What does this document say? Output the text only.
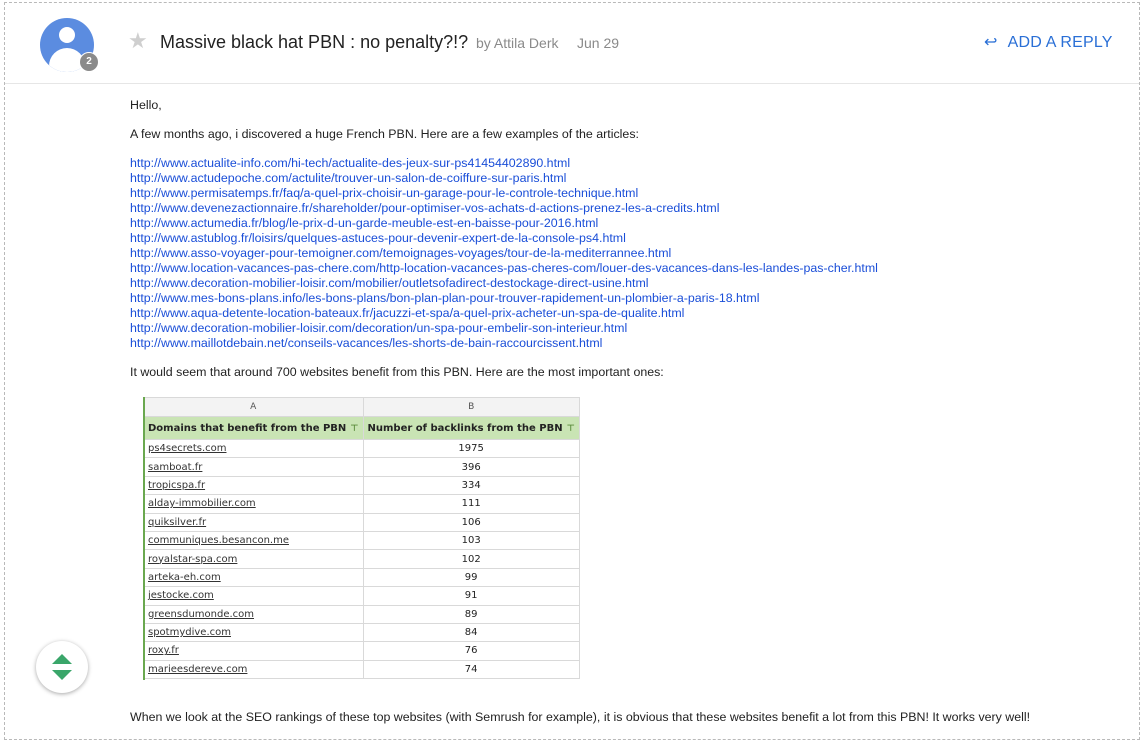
2
★ Massive black hat PBN : no penalty?!? by Attila Derk Jun 29	↩ ADD A REPLY

Hello,

A few months ago, i discovered a huge French PBN. Here are a few examples of the articles:

http://www.actualite-info.com/hi-tech/actualite-des-jeux-sur-ps41454402890.html
http://www.actudepoche.com/actulite/trouver-un-salon-de-coiffure-sur-paris.html
http://www.permisatemps.fr/faq/a-quel-prix-choisir-un-garage-pour-le-controle-technique.html
http://www.devenezactionnaire.fr/shareholder/pour-optimiser-vos-achats-d-actions-prenez-les-a-credits.html
http://www.actumedia.fr/blog/le-prix-d-un-garde-meuble-est-en-baisse-pour-2016.html
http://www.astublog.fr/loisirs/quelques-astuces-pour-devenir-expert-de-la-console-ps4.html
http://www.asso-voyager-pour-temoigner.com/temoignages-voyages/tour-de-la-mediterrannee.html
http://www.location-vacances-pas-chere.com/http-location-vacances-pas-cheres-com/louer-des-vacances-dans-les-landes-pas-cher.html
http://www.decoration-mobilier-loisir.com/mobilier/outletsofadirect-destockage-direct-usine.html
http://www.mes-bons-plans.info/les-bons-plans/bon-plan-plan-pour-trouver-rapidement-un-plombier-a-paris-18.html
http://www.aqua-detente-location-bateaux.fr/jacuzzi-et-spa/a-quel-prix-acheter-un-spa-de-qualite.html
http://www.decoration-mobilier-loisir.com/decoration/un-spa-pour-embelir-son-interieur.html
http://www.maillotdebain.net/conseils-vacances/les-shorts-de-bain-raccourcissent.html

It would seem that around 700 websites benefit from this PBN. Here are the most important ones:

A	B
Domains that benefit from the PBN ⊤	Number of backlinks from the PBN ⊤
ps4secrets.com	1975
samboat.fr	396
tropicspa.fr	334
alday-immobilier.com	111
quiksilver.fr	106
communiques.besancon.me	103
royalstar-spa.com	102
arteka-eh.com	99
jestocke.com	91
greensdumonde.com	89
spotmydive.com	84
roxy.fr	76
marieesdereve.com	74

When we look at the SEO rankings of these top websites (with Semrush for example), it is obvious that these websites benefit a lot from this PBN! It works very well!
